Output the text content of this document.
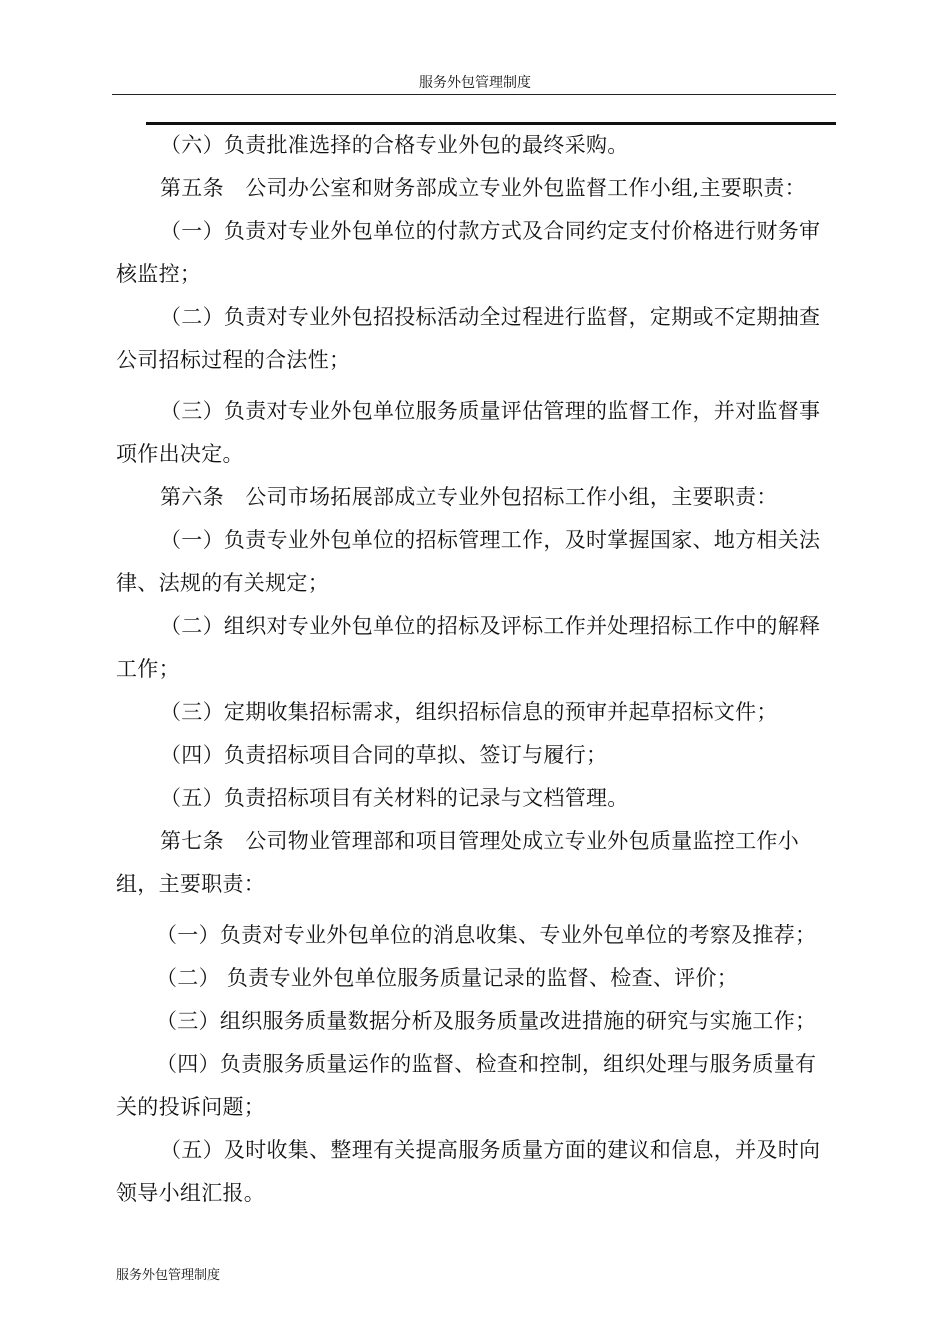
服务外包管理制度

（六）负责批准选择的合格专业外包的最终采购。

第五条　公司办公室和财务部成立专业外包监督工作小组,主要职责：

（一）负责对专业外包单位的付款方式及合同约定支付价格进行财务审核监控；

（二）负责对专业外包招投标活动全过程进行监督，定期或不定期抽查公司招标过程的合法性；

（三）负责对专业外包单位服务质量评估管理的监督工作，并对监督事项作出决定。

第六条　公司市场拓展部成立专业外包招标工作小组，主要职责：

（一）负责专业外包单位的招标管理工作，及时掌握国家、地方相关法律、法规的有关规定；

（二）组织对专业外包单位的招标及评标工作并处理招标工作中的解释工作；

（三）定期收集招标需求，组织招标信息的预审并起草招标文件；

（四）负责招标项目合同的草拟、签订与履行；

（五）负责招标项目有关材料的记录与文档管理。

第七条　公司物业管理部和项目管理处成立专业外包质量监控工作小组，主要职责：

（一）负责对专业外包单位的消息收集、专业外包单位的考察及推荐；

（二） 负责专业外包单位服务质量记录的监督、检查、评价；

（三）组织服务质量数据分析及服务质量改进措施的研究与实施工作；

（四）负责服务质量运作的监督、检查和控制，组织处理与服务质量有关的投诉问题；

（五）及时收集、整理有关提高服务质量方面的建议和信息，并及时向领导小组汇报。

服务外包管理制度
